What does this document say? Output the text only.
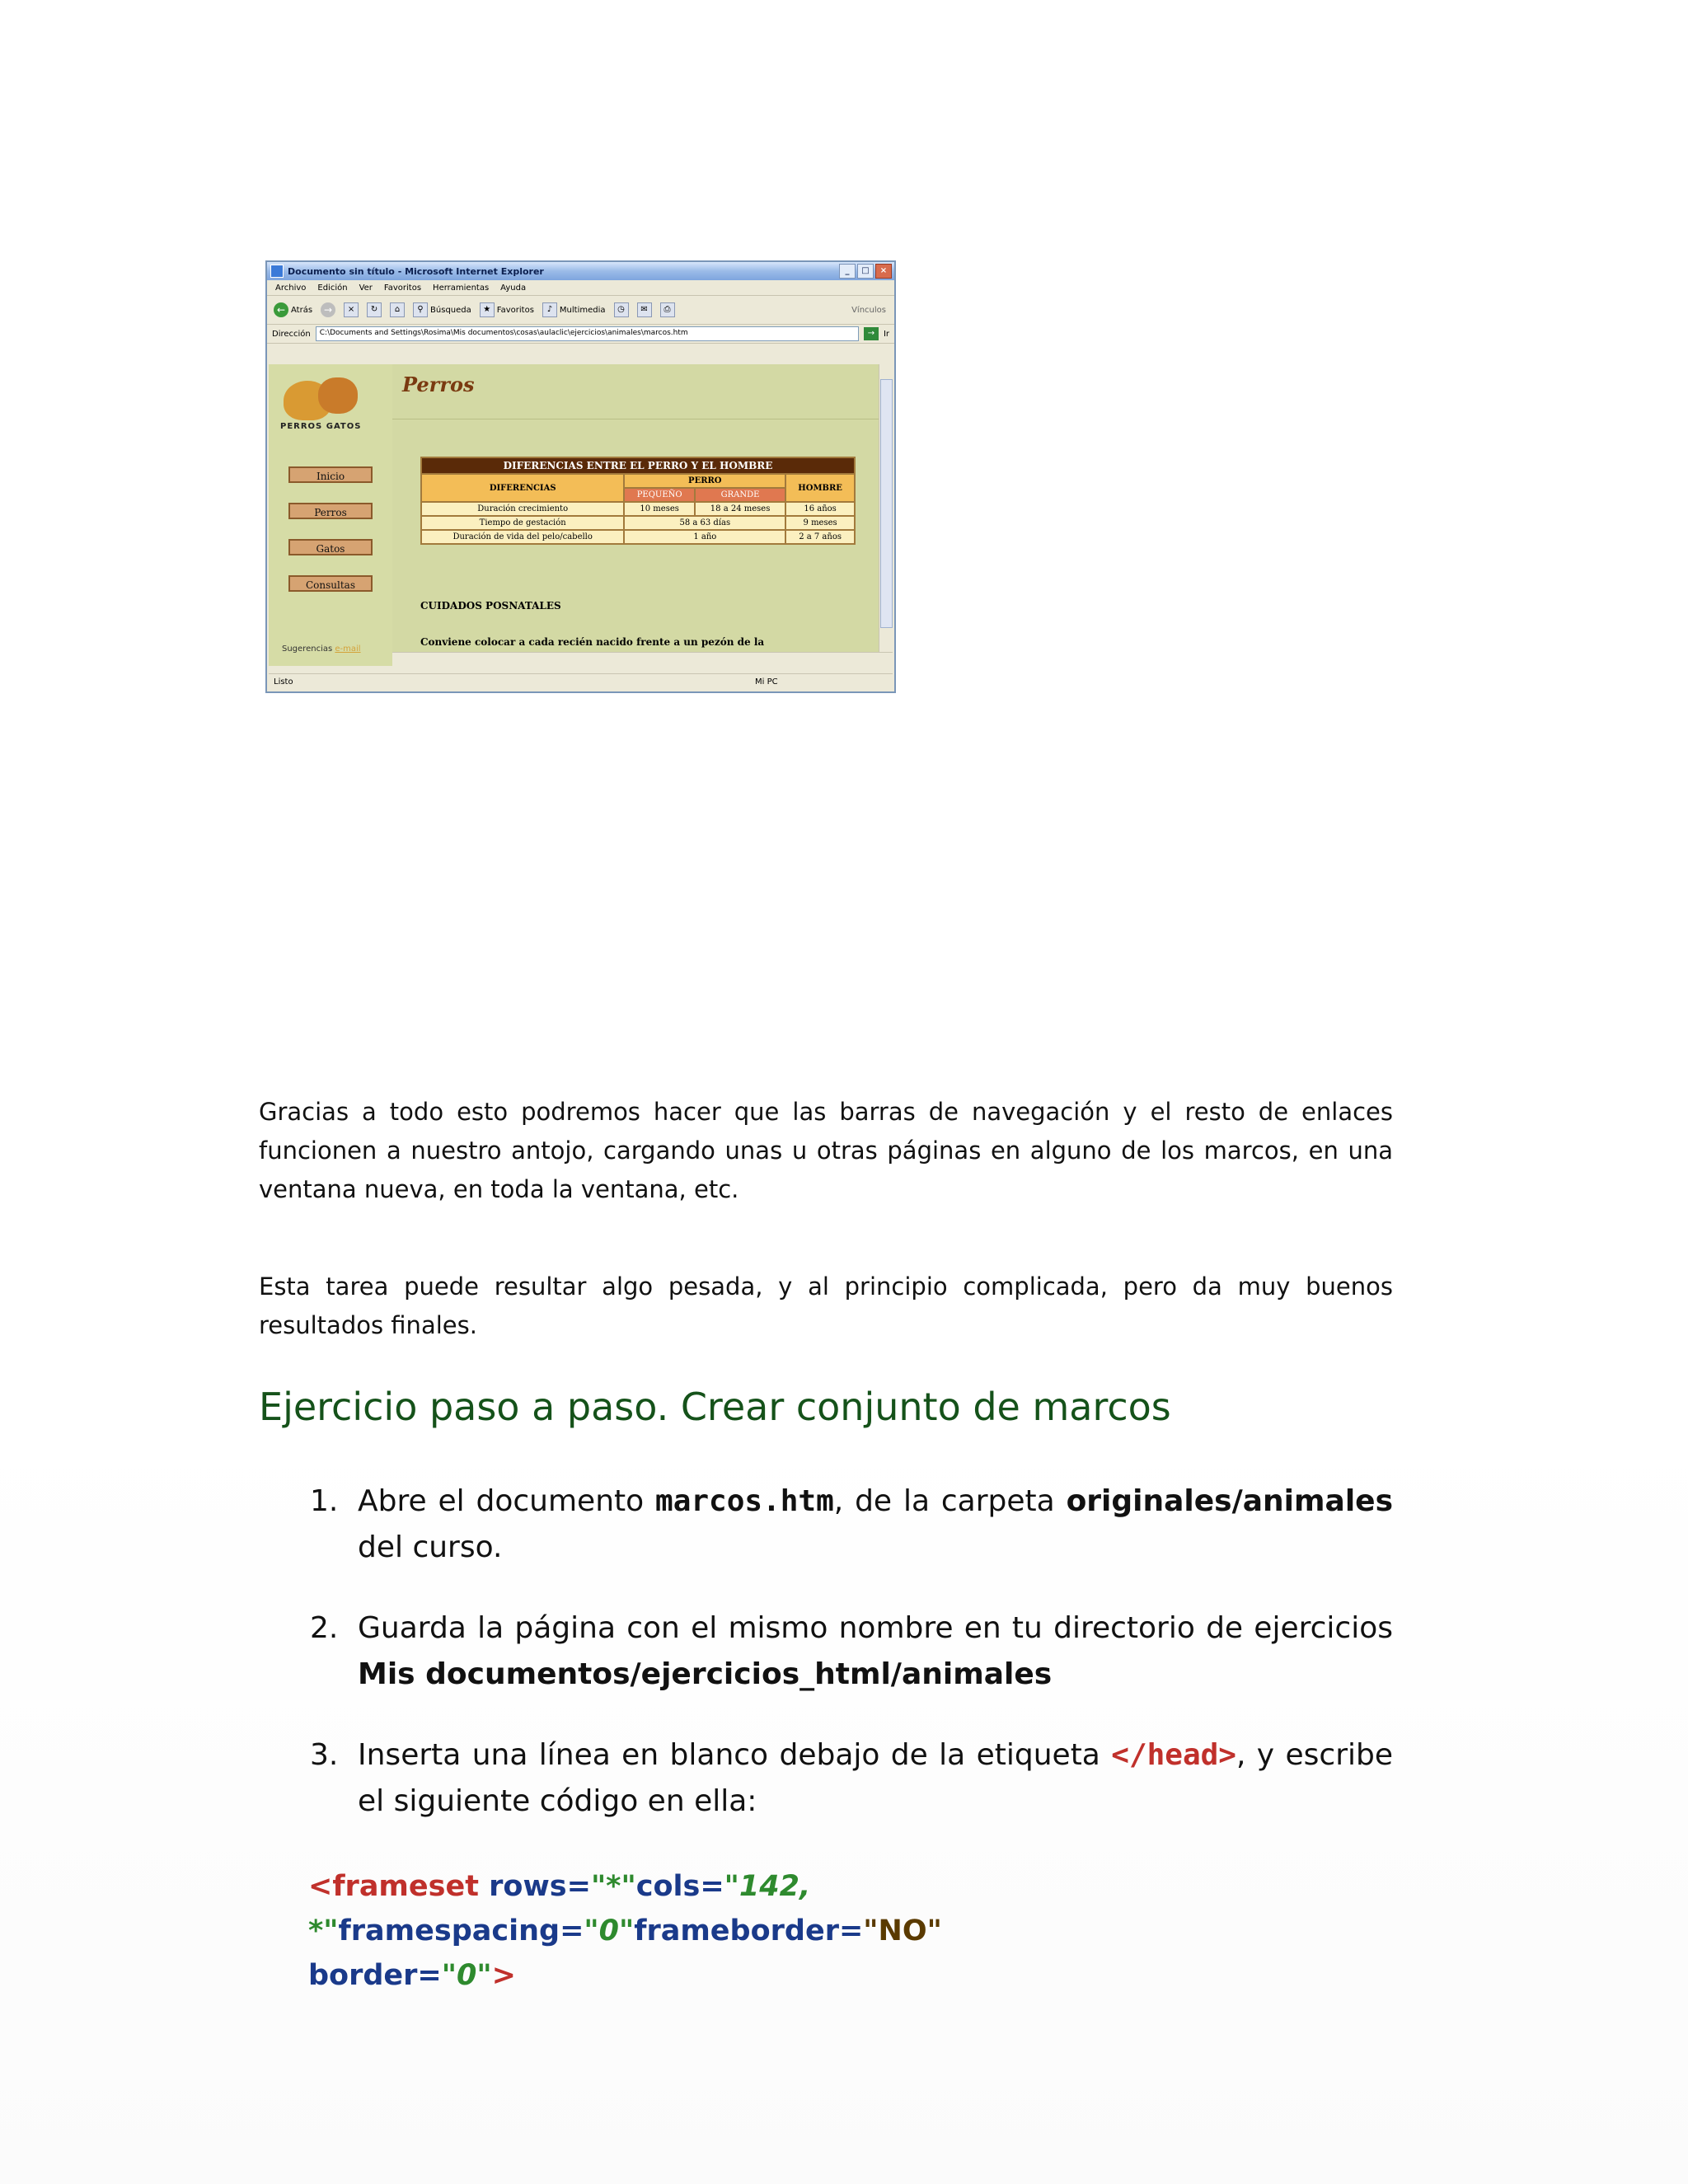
Documento sin título - Microsoft Internet Explorer	_	□	×
Archivo Edición Ver Favoritos Herramientas Ayuda
← Atrás	→	×	↻	⌂	⚲ Búsqueda	★ Favoritos	♪ Multimedia	◷	✉	⎙	Vínculos
Dirección	C:\Documents and Settings\Rosima\Mis documentos\cosas\aulaclic\ejercicios\animales\marcos.htm	→	Ir
PERROS GATOS
Inicio
Perros
Gatos
Consultas
Sugerencias e-mail
Perros
DIFERENCIAS ENTRE EL PERRO Y EL HOMBRE			
DIFERENCIAS	PERRO		HOMBRE
	PEQUEÑO	GRANDE	
Duración crecimiento	10 meses	18 a 24 meses	16 años
Tiempo de gestación	58 a 63 días		9 meses
Duración de vida del pelo/cabello	1 año		2 a 7 años
CUIDADOS POSNATALES
Conviene colocar a cada recién nacido frente a un pezón de la
Listo	Mi PC

Gracias a todo esto podremos hacer que las barras de navegación y el resto de enlaces funcionen a nuestro antojo, cargando unas u otras páginas en alguno de los marcos, en una ventana nueva, en toda la ventana, etc.

Esta tarea puede resultar algo pesada, y al principio complicada, pero da muy buenos resultados finales.

Ejercicio paso a paso. Crear conjunto de marcos
1. Abre el documento marcos.htm, de la carpeta originales/animales del curso.
2. Guarda la página con el mismo nombre en tu directorio de ejercicios Mis documentos/ejercicios_html/animales
3. Inserta una línea en blanco debajo de la etiqueta </head>, y escribe el siguiente código en ella:
<frameset rows="*"cols="142, *"framespacing="0"frameborder="NO"
border="0">
